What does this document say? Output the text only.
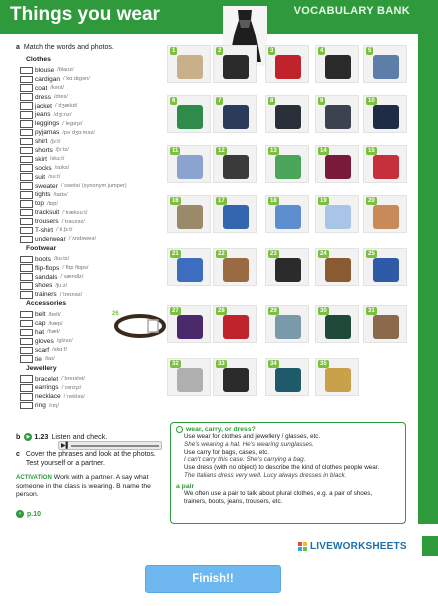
Things you wear	VOCABULARY BANK
a Match the words and photos.
Clothes
blouse /blaʊz/
cardigan /ˈkɑːdɪɡən/
coat /kəʊt/
dress /dres/
jacket /ˈdʒækɪt/
jeans /dʒiːnz/
leggings /ˈleɡɪŋz/
pyjamas /pəˈdʒɑːməz/
shirt /ʃɜːt/
shorts /ʃɔːts/
skirt /skɜːt/
socks /sɒks/
suit /suːt/
sweater /ˈswetə/ (synonym jumper)
tights /taɪts/
top /tɒp/
tracksuit /ˈtræksuːt/
trousers /ˈtraʊzəz/
T-shirt /ˈtiːʃɜːt/
underwear /ˈʌndəweə/
Footwear
boots /buːts/
flip-flops /ˈflɪp flɒps/
sandals /ˈsændlz/
shoes /ʃuːz/
trainers /ˈtreɪnəz/
Accessories
belt /belt/
cap /kæp/
hat /hæt/
gloves /ɡlʌvz/
scarf /skɑːf/
tie /taɪ/
Jewellery
bracelet /ˈbreɪslət/
earrings /ˈɪərɪŋz/
necklace /ˈnekləs/
ring /rɪŋ/
1	2	3	4	5
6	7	8	9	10
11	12	13	14	15
16	17	18	19	20
21	22	23	24	25
27	28	29	30	31
32	33	34	35
26
b	▶ 1.23 Listen and check.
▶▌
c Cover the phrases and look at the photos. Test yourself or a partner.
ACTIVATION Work with a partner. A say what someone in the class is wearing. B name the person.
› p.10
wear, carry, or dress?
Use wear for clothes and jewellery / glasses, etc.
She's wearing a hat. He's wearing sunglasses.
Use carry for bags, cases, etc.
I can't carry this case. She's carrying a bag.
Use dress (with no object) to describe the kind of clothes people wear.
The Italians dress very well. Lucy always dresses in black.
a pair
We often use a pair to talk about plural clothes, e.g. a pair of shoes,
trainers, boots, jeans, trousers, etc.
LIVEWORKSHEETS
Finish!!
